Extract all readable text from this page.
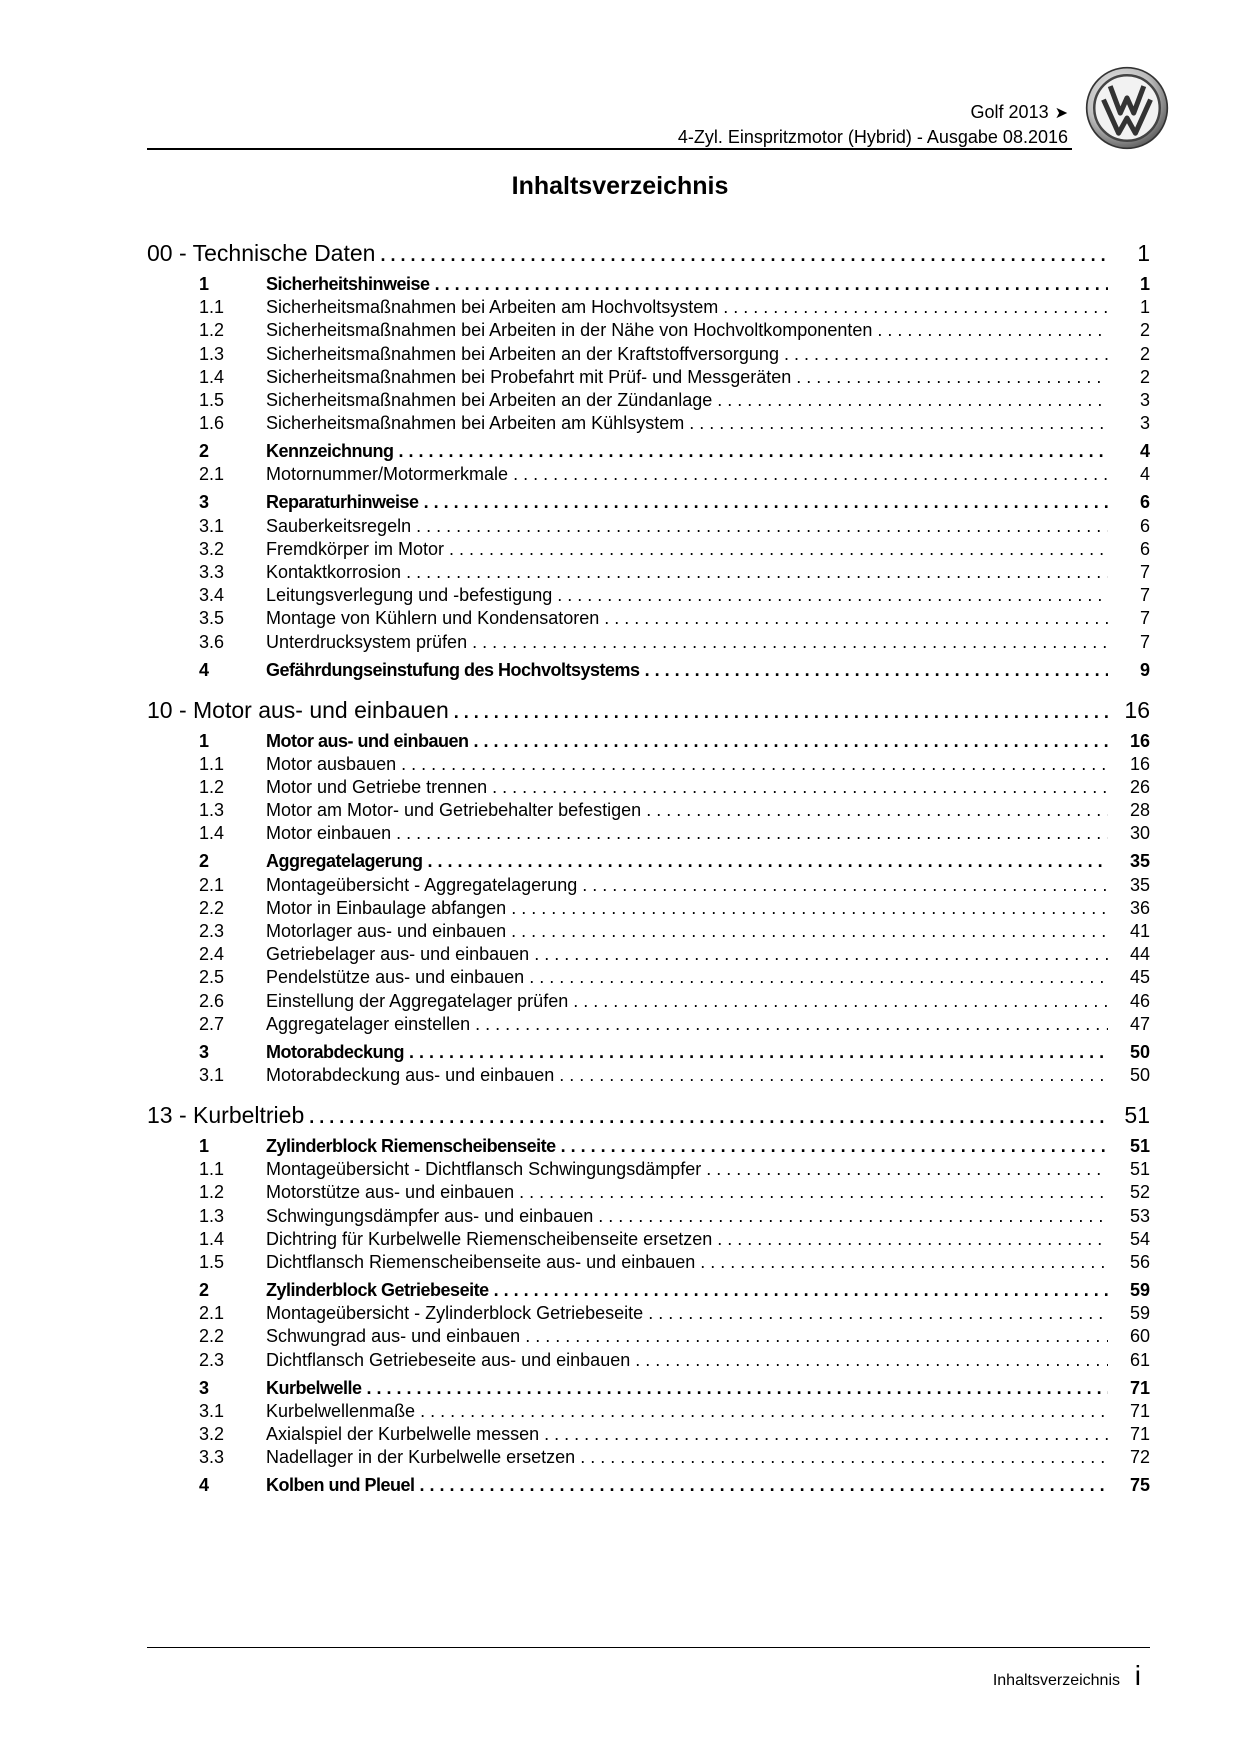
Golf 2013 ➤
4-Zyl. Einspritzmotor (Hybrid) - Ausgabe 08.2016
Inhaltsverzeichnis
00 - Technische Daten . . .	1
1	Sicherheitshinweise . . .	1
1.1 Sicherheitsmaßnahmen bei Arbeiten am Hochvoltsystem . . .	1
1.2 Sicherheitsmaßnahmen bei Arbeiten in der Nähe von Hochvoltkomponenten . . .	2
1.3 Sicherheitsmaßnahmen bei Arbeiten an der Kraftstoffversorgung . . .	2
1.4 Sicherheitsmaßnahmen bei Probefahrt mit Prüf- und Messgeräten . . .	2
1.5 Sicherheitsmaßnahmen bei Arbeiten an der Zündanlage . . .	3
1.6 Sicherheitsmaßnahmen bei Arbeiten am Kühlsystem . . .	3
2	Kennzeichnung . . .	4
2.1 Motornummer/Motormerkmale . . .	4
3	Reparaturhinweise . . .	6
3.1 Sauberkeitsregeln . . .	6
3.2 Fremdkörper im Motor . . .	6
3.3 Kontaktkorrosion . . .	7
3.4 Leitungsverlegung und -befestigung . . .	7
3.5 Montage von Kühlern und Kondensatoren . . .	7
3.6 Unterdrucksystem prüfen . . .	7
4	Gefährdungseinstufung des Hochvoltsystems . . .	9
10 - Motor aus- und einbauen . . .	16
1	Motor aus- und einbauen . . .	16
1.1 Motor ausbauen . . .	16
1.2 Motor und Getriebe trennen . . .	26
1.3 Motor am Motor- und Getriebehalter befestigen . . .	28
1.4 Motor einbauen . . .	30
2	Aggregatelagerung . . .	35
2.1 Montageübersicht - Aggregatelagerung . . .	35
2.2 Motor in Einbaulage abfangen . . .	36
2.3 Motorlager aus- und einbauen . . .	41
2.4 Getriebelager aus- und einbauen . . .	44
2.5 Pendelstütze aus- und einbauen . . .	45
2.6 Einstellung der Aggregatelager prüfen . . .	46
2.7 Aggregatelager einstellen . . .	47
3	Motorabdeckung . . .	50
3.1 Motorabdeckung aus- und einbauen . . .	50
13 - Kurbeltrieb . . .	51
1	Zylinderblock Riemenscheibenseite . . .	51
1.1 Montageübersicht - Dichtflansch Schwingungsdämpfer . . .	51
1.2 Motorstütze aus- und einbauen . . .	52
1.3 Schwingungsdämpfer aus- und einbauen . . .	53
1.4 Dichtring für Kurbelwelle Riemenscheibenseite ersetzen . . .	54
1.5 Dichtflansch Riemenscheibenseite aus- und einbauen . . .	56
2	Zylinderblock Getriebeseite . . .	59
2.1 Montageübersicht - Zylinderblock Getriebeseite . . .	59
2.2 Schwungrad aus- und einbauen . . .	60
2.3 Dichtflansch Getriebeseite aus- und einbauen . . .	61
3	Kurbelwelle . . .	71
3.1 Kurbelwellenmaße . . .	71
3.2 Axialspiel der Kurbelwelle messen . . .	71
3.3 Nadellager in der Kurbelwelle ersetzen . . .	72
4	Kolben und Pleuel . . .	75
Inhaltsverzeichnis i
